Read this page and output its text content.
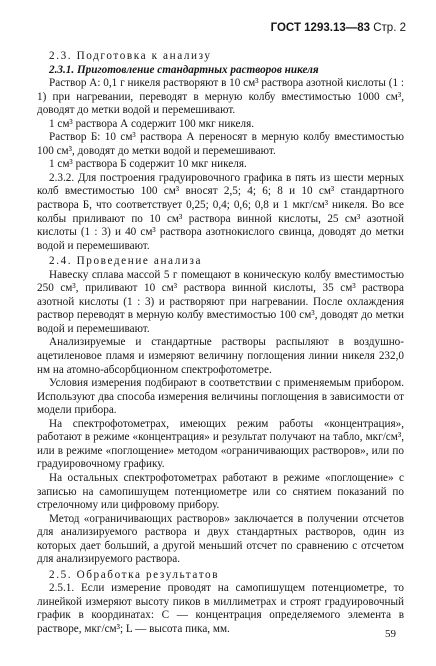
ГОСТ 1293.13—83 Стр. 2

2.3. Подготовка к анализу

2.3.1. Приготовление стандартных растворов никеля

Раствор А: 0,1 г никеля растворяют в 10 см³ раствора азотной кислоты (1 : 1) при нагревании, переводят в мерную колбу вместимостью 1000 см³, доводят до метки водой и перемешивают.

1 см³ раствора А содержит 100 мкг никеля.

Раствор Б: 10 см³ раствора А переносят в мерную колбу вместимостью 100 см³, доводят до метки водой и перемешивают.

1 см³ раствора Б содержит 10 мкг никеля.

2.3.2. Для построения градуировочного графика в пять из шести мерных колб вместимостью 100 см³ вносят 2,5; 4; 6; 8 и 10 см³ стандартного раствора Б, что соответствует 0,25; 0,4; 0,6; 0,8 и 1 мкг/см³ никеля. Во все колбы приливают по 10 см³ раствора винной кислоты, 25 см³ азотной кислоты (1 : 3) и 40 см³ раствора азотнокислого свинца, доводят до метки водой и перемешивают.

2.4. Проведение анализа

Навеску сплава массой 5 г помещают в коническую колбу вместимостью 250 см³, приливают 10 см³ раствора винной кислоты, 35 см³ раствора азотной кислоты (1 : 3) и растворяют при нагревании. После охлаждения раствор переводят в мерную колбу вместимостью 100 см³, доводят до метки водой и перемешивают.

Анализируемые и стандартные растворы распыляют в воздушно-ацетиленовое пламя и измеряют величину поглощения линии никеля 232,0 нм на атомно-абсорбционном спектрофотометре.

Условия измерения подбирают в соответствии с применяемым прибором. Используют два способа измерения величины поглощения в зависимости от модели прибора.

На спектрофотометрах, имеющих режим работы «концентрация», работают в режиме «концентрация» и результат получают на табло, мкг/см³, или в режиме «поглощение» методом «ограничивающих растворов», или по градуировочному графику.

На остальных спектрофотометрах работают в режиме «поглощение» с записью на самопишущем потенциометре или со снятием показаний по стрелочному или цифровому прибору.

Метод «ограничивающих растворов» заключается в получении отсчетов для анализируемого раствора и двух стандартных растворов, один из которых дает больший, а другой меньший отсчет по сравнению с отсчетом для анализируемого раствора.

2.5. Обработка результатов

2.5.1. Если измерение проводят на самопишущем потенциометре, то линейкой измеряют высоту пиков в миллиметрах и строят градуировочный график в координатах: C — концентрация определяемого элемента в растворе, мкг/см³; L — высота пика, мм.	59
